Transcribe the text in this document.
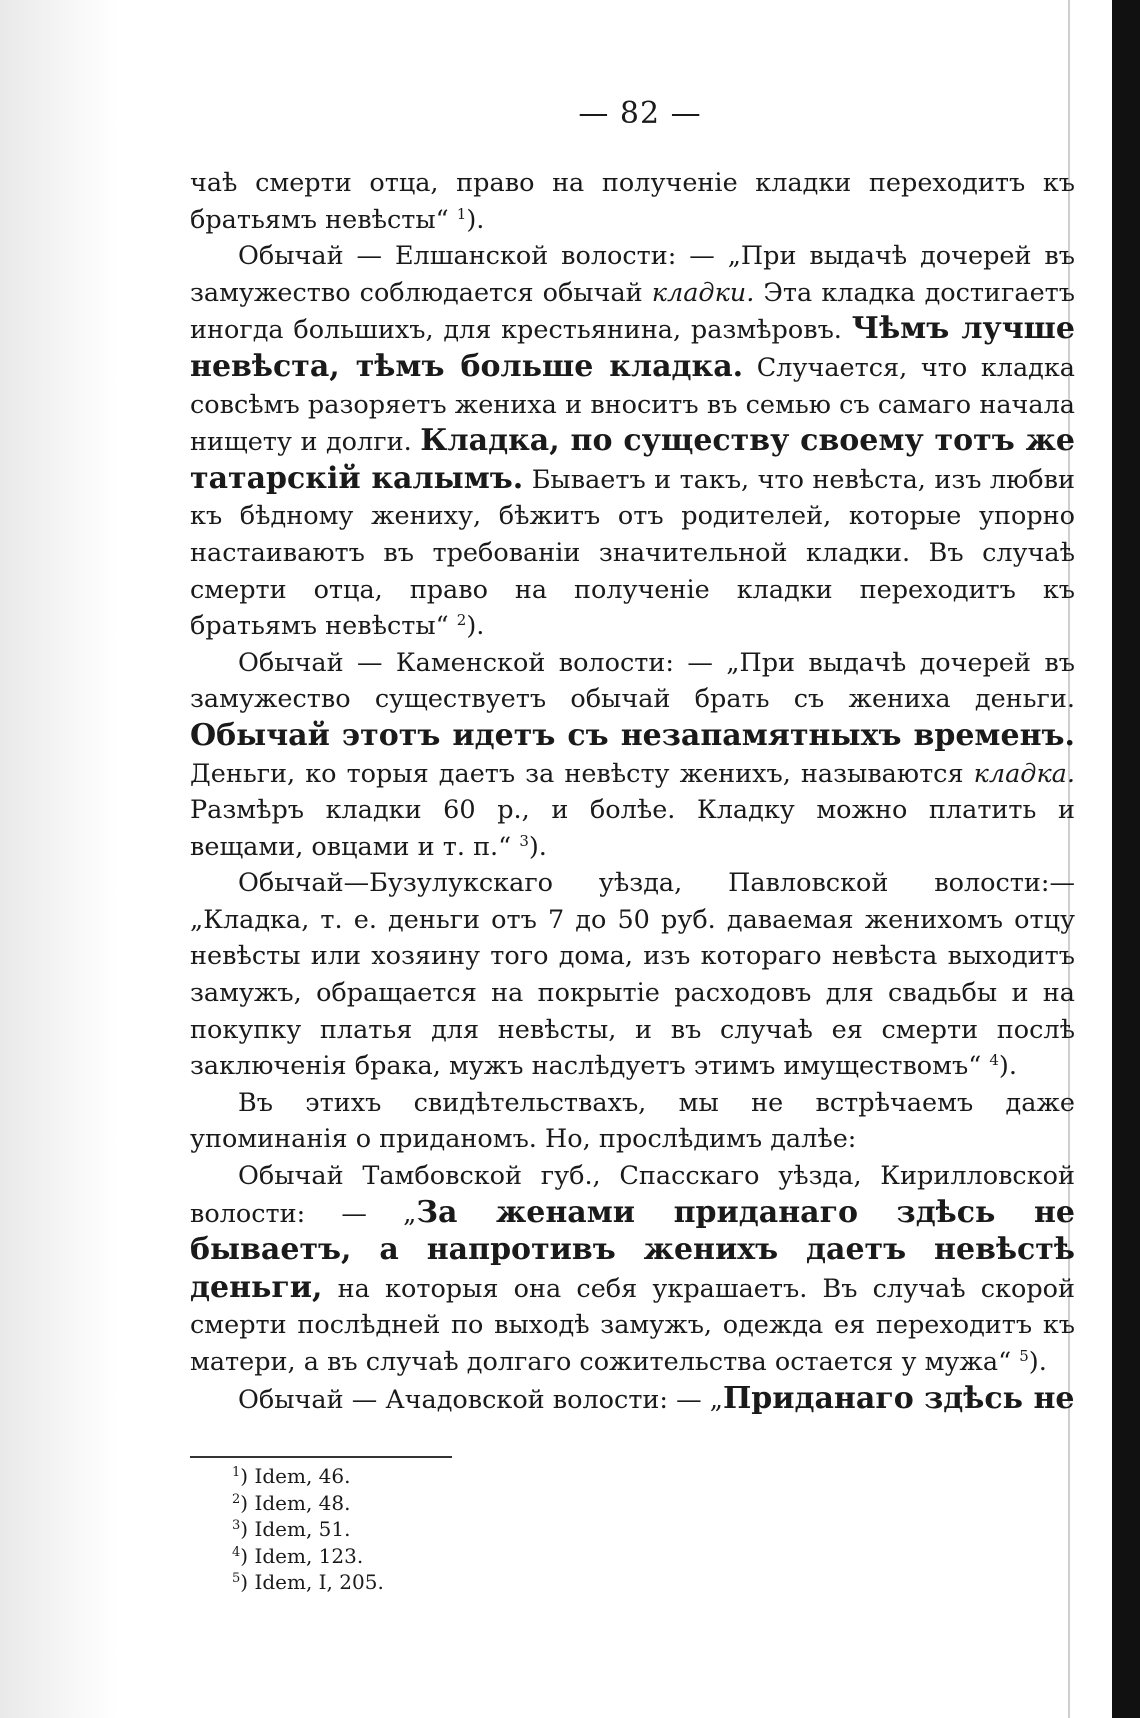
— 82 —

чаѣ смерти отца, право на полученіе кладки переходитъ къ братьямъ невѣсты“ $^1$).

Обычай — Елшанской волости: — „При выдачѣ дочерей въ замужество соблюдается обычай кладки. Эта кладка достигаетъ иногда большихъ, для крестьянина, размѣровъ. Чѣмъ лучше невѣста, тѣмъ больше кладка. Случается, что кладка совсѣмъ разоряетъ жениха и вноситъ въ семью съ самаго начала нищету и долги. Кладка, по существу своему тотъ же татарскій калымъ. Бываетъ и такъ, что невѣста, изъ любви къ бѣдному жениху, бѣжитъ отъ родителей, которые упорно настаиваютъ въ требованіи значительной кладки. Въ случаѣ смерти отца, право на полученіе кладки переходитъ къ братьямъ невѣсты“ $^2$).

Обычай — Каменской волости: — „При выдачѣ дочерей въ замужество существуетъ обычай брать съ жениха деньги. Обычай этотъ идетъ съ незапамятныхъ временъ. Деньги, ко торыя даетъ за невѣсту женихъ, называются кладка. Размѣръ кладки 60 р., и болѣе. Кладку можно платить и вещами, овцами и т. п.“ $^3$).

Обычай—Бузулукскаго уѣзда, Павловской волости:— „Кладка, т. е. деньги отъ 7 до 50 руб. даваемая женихомъ отцу невѣсты или хозяину того дома, изъ котораго невѣста выходитъ замужъ, обращается на покрытіе расходовъ для свадьбы и на покупку платья для невѣсты, и въ случаѣ ея смерти послѣ заключенія брака, мужъ наслѣдуетъ этимъ имуществомъ“ $^4$).

Въ этихъ свидѣтельствахъ, мы не встрѣчаемъ даже упоминанія о приданомъ. Но, прослѣдимъ далѣе:

Обычай Тамбовской губ., Спасскаго уѣзда, Кирилловской волости: — „За женами приданаго здѣсь не бываетъ, а напротивъ женихъ даетъ невѣстѣ деньги, на которыя она себя украшаетъ. Въ случаѣ скорой смерти послѣдней по выходѣ замужъ, одежда ея переходитъ къ матери, а въ случаѣ долгаго сожительства остается у мужа“ $^5$).

Обычай — Ачадовской волости: — „Приданаго здѣсь не

$^1$) Idem, 46.
$^2$) Idem, 48.
$^3$) Idem, 51.
$^4$) Idem, 123.
$^5$) Idem, I, 205.
